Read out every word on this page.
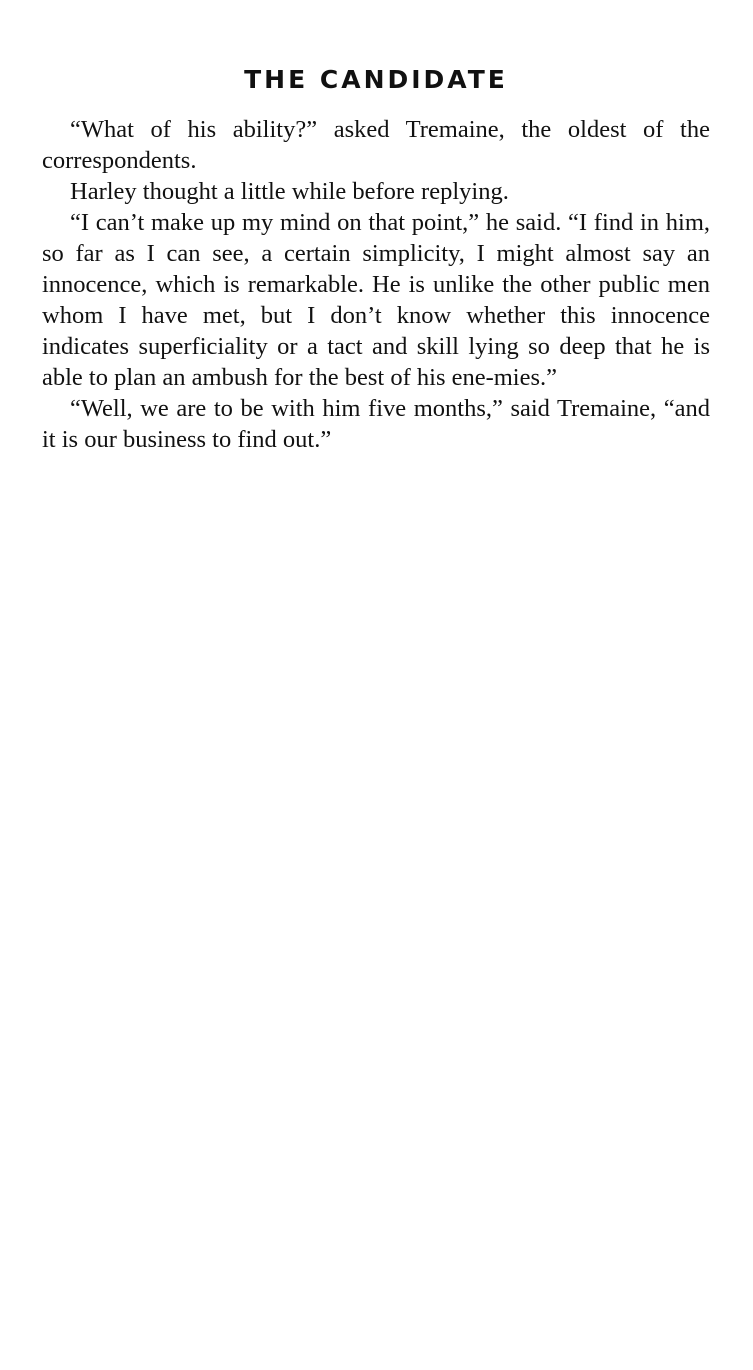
THE CANDIDATE

“What of his ability?” asked Tremaine, the oldest of the correspondents.

Harley thought a little while before replying.

“I can’t make up my mind on that point,” he said. “I find in him, so far as I can see, a certain simplicity, I might almost say an innocence, which is remarkable. He is unlike the other public men whom I have met, but I don’t know whether this innocence indicates superficiality or a tact and skill lying so deep that he is able to plan an ambush for the best of his ene-mies.”

“Well, we are to be with him five months,” said Tremaine, “and it is our business to find out.”
